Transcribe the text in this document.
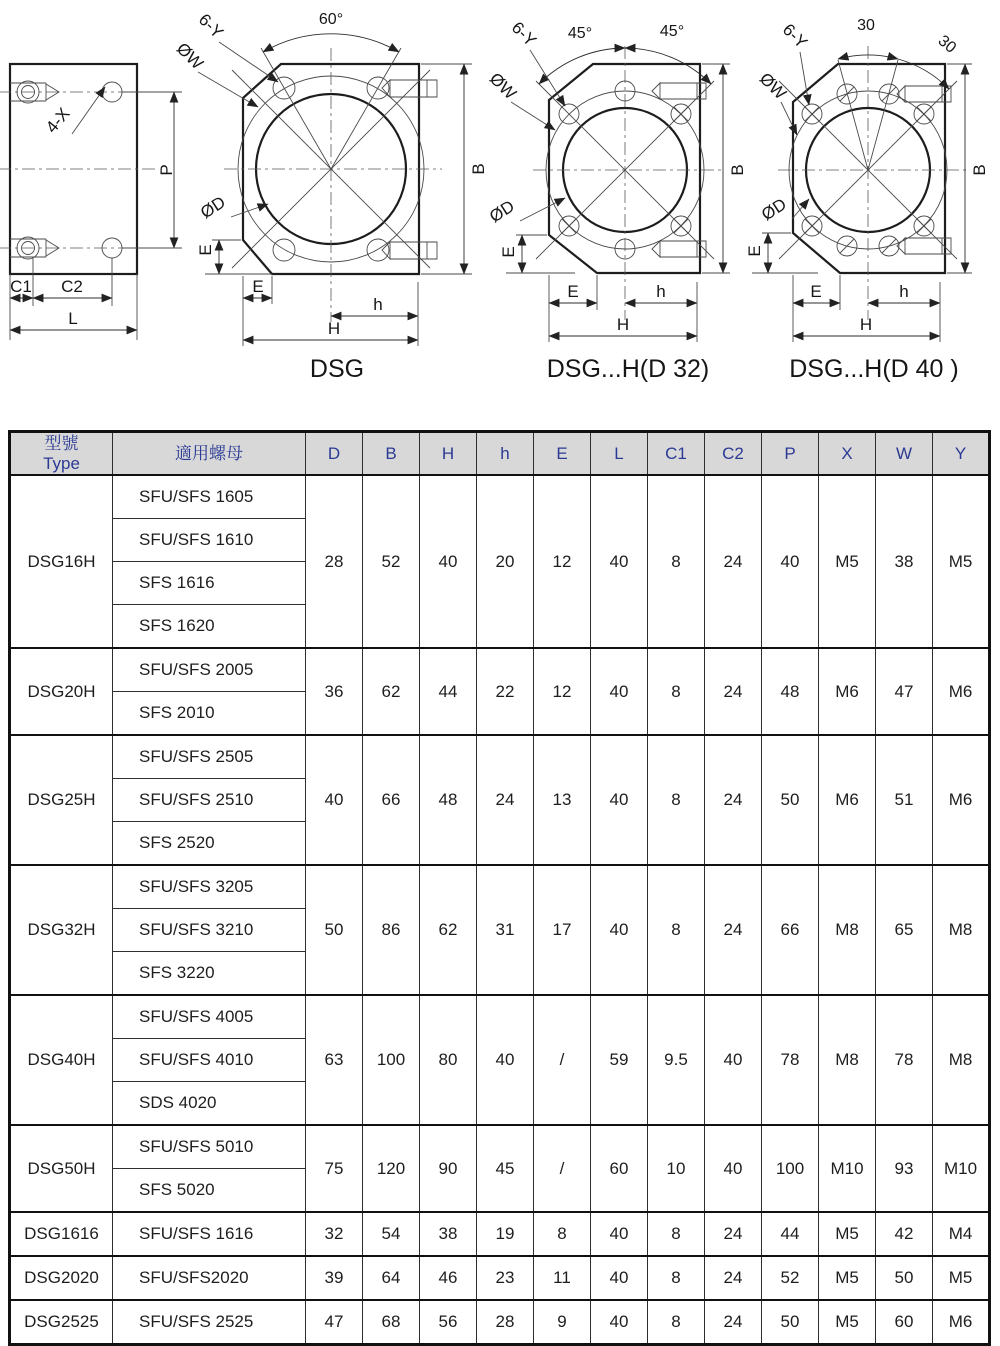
4-X
P
C1 C2
L
60°
6-Y
ØW
ØD
B
E
E
h
H
DSG
45°	45°
6-Y
ØW
ØD
B
E
E	h
H
DSG...H(D 32)
30
30
6-Y
ØW
ØD
B
E
E	h
H
DSG...H(D 40 )
型號
Type	適用螺母	D	B	H	h	E	L	C1	C2	P	X	W	Y
DSG16H	SFU/SFS 1605	28	52	40	20	12	40	8	24	40	M5	38	M5
	SFU/SFS 1610												
	SFS 1616												
	SFS 1620												
DSG20H	SFU/SFS 2005	36	62	44	22	12	40	8	24	48	M6	47	M6
	SFS 2010												
DSG25H	SFU/SFS 2505	40	66	48	24	13	40	8	24	50	M6	51	M6
	SFU/SFS 2510												
	SFS 2520												
DSG32H	SFU/SFS 3205	50	86	62	31	17	40	8	24	66	M8	65	M8
	SFU/SFS 3210												
	SFS 3220												
DSG40H	SFU/SFS 4005	63	100	80	40	/	59	9.5	40	78	M8	78	M8
	SFU/SFS 4010												
	SDS 4020												
DSG50H	SFU/SFS 5010	75	120	90	45	/	60	10	40	100	M10	93	M10
	SFS 5020												
DSG1616	SFU/SFS 1616	32	54	38	19	8	40	8	24	44	M5	42	M4
DSG2020	SFU/SFS2020	39	64	46	23	11	40	8	24	52	M5	50	M5
DSG2525	SFU/SFS 2525	47	68	56	28	9	40	8	24	50	M5	60	M6
